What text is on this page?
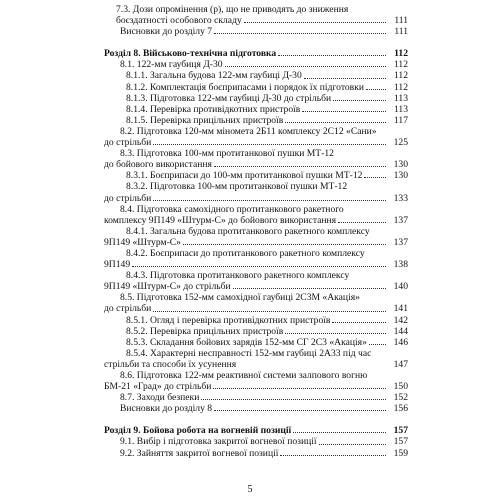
7.3. Дози опромінення (р), що не приводять до зниження
боєздатності особового складу	111
Висновки до розділу 7	111
Розділ 8. Військово-технічна підготовка	112
8.1. 122-мм гаубиця Д-30	112
8.1.1. Загальна будова 122-мм гаубиці Д-30	112
8.1.2. Комплектація боєприпасами і порядок їх підготовки	112
8.1.3. Підготовка 122-мм гаубиці Д-30 до стрільби	113
8.1.4. Перевірка противідкотних пристроїв	113
8.1.5. Перевірка прицільних пристроїв	117
8.2. Підготовка 120-мм міномета 2Б11 комплексу 2С12 «Сани»
до стрільби	125
8.3. Підготовка 100-мм протитанкової пушки МТ-12
до бойового використання	130
8.3.1. Боєприпаси до 100-мм протитанкової пушки МТ-12	130
8.3.2. Підготовка 100-мм протитанкової пушки МТ-12
до стрільби	133
8.4. Підготовка самохідного протитанкового ракетного
комплексу 9П149 «Штурм-С» до бойового використання	137
8.4.1. Загальна будова протитанкового ракетного комплексу
9П149 «Штурм-С»	137
8.4.2. Боєприпаси до протитанкового ракетного комплексу
9П149	138
8.4.3. Підготовка протитанкового ракетного комплексу
9П149 «Штурм-С» до стрільби	140
8.5. Підготовка 152-мм самохідної гаубиці 2С3М «Акація»
до стрільби	141
8.5.1. Огляд і перевірка противідкотних пристроїв	142
8.5.2. Перевірка прицільних пристроїв	144
8.5.3. Складання бойових зарядів 152-мм СГ 2С3 «Акація»	146
8.5.4. Характерні несправності 152-мм гаубиці 2А33 під час
стрільби та способи їх усунення	147
8.6. Підготовка 122-мм реактивної системи залпового вогню
БМ-21 «Град» до стрільби	150
8.7. Заходи безпеки	152
Висновки до розділу 8	156
Розділ 9. Бойова робота на вогневій позиції	157
9.1. Вибір і підготовка закритої вогневої позиції	157
9.2. Зайняття закритої вогневої позиції	159
5
